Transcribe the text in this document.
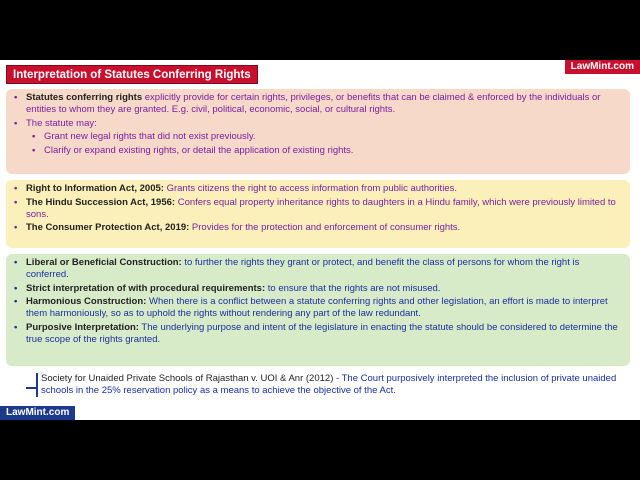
Interpretation of Statutes Conferring Rights
LawMint.com
• Statutes conferring rights explicitly provide for certain rights, privileges, or benefits that can be claimed & enforced by the individuals or entities to whom they are granted. E.g. civil, political, economic, social, or cultural rights.
• The statute may:
• Grant new legal rights that did not exist previously.
• Clarify or expand existing rights, or detail the application of existing rights.
• Right to Information Act, 2005: Grants citizens the right to access information from public authorities.
• The Hindu Succession Act, 1956: Confers equal property inheritance rights to daughters in a Hindu family, which were previously limited to sons.
• The Consumer Protection Act, 2019: Provides for the protection and enforcement of consumer rights.
• Liberal or Beneficial Construction: to further the rights they grant or protect, and benefit the class of persons for whom the right is conferred.
• Strict interpretation of with procedural requirements: to ensure that the rights are not misused.
• Harmonious Construction: When there is a conflict between a statute conferring rights and other legislation, an effort is made to interpret them harmoniously, so as to uphold the rights without rendering any part of the law redundant.
• Purposive Interpretation: The underlying purpose and intent of the legislature in enacting the statute should be considered to determine the true scope of the rights granted.
Society for Unaided Private Schools of Rajasthan v. UOI & Anr (2012) - The Court purposively interpreted the inclusion of private unaided schools in the 25% reservation policy as a means to achieve the objective of the Act.
LawMint.com
